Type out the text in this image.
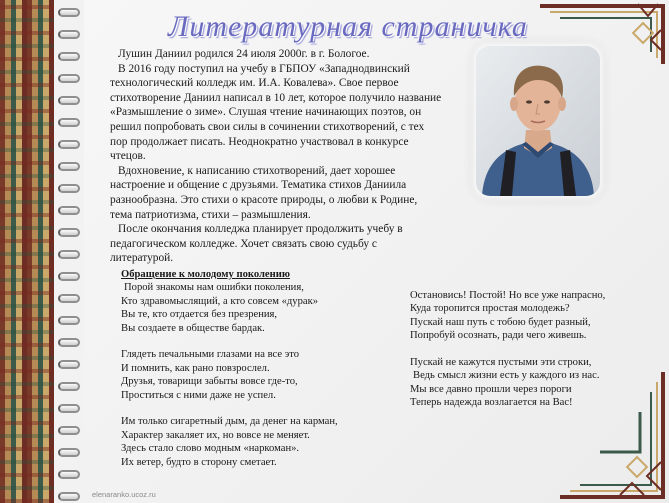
Литературная страничка

Лушин Даниил родился 24 июля 2000г. в г. Бологое.

В 2016 году поступил на учебу в ГБПОУ «Западнодвинский технологический колледж им. И.А. Ковалева». Свое первое стихотворение Даниил написал в 10 лет, которое получило название «Размышление о зиме». Слушая чтение начинающих поэтов, он решил попробовать свои силы в сочинении стихотворений, с тех пор продолжает писать. Неоднократно участвовал в конкурсе чтецов.

Вдохновение, к написанию стихотворений, дает хорошее настроение и общение с друзьями. Тематика стихов Даниила разнообразна. Это стихи о красоте природы, о любви к Родине, тема патриотизма, стихи – размышления.

После окончания колледжа планирует продолжить учебу в педагогическом колледже. Хочет связать свою судьбу с литературой.

Обращение к молодому поколению
Порой знакомы нам ошибки поколения,
Кто здравомыслящий, а кто совсем «дурак»
Вы те, кто отдается без презрения,
Вы создаете в обществе бардак.
Глядеть печальными глазами на все это
И помнить, как рано повзрослел.
Друзья, товарищи забыты вовсе где-то,
Проститься с ними даже не успел.
Им только сигаретный дым, да денег на карман,
Характер закаляет их, но вовсе не меняет.
Здесь стало слово модным «наркоман».
Их ветер, будто в сторону сметает.
Остановись! Постой! Но все уже напрасно,
Куда торопится простая молодежь?
Пускай наш путь с тобою будет разный,
Попробуй осознать, ради чего живешь.
Пускай не кажутся пустыми эти строки,
Ведь смысл жизни есть у каждого из нас.
Мы все давно прошли через пороги
Теперь надежда возлагается на Вас!
elenaranko.ucoz.ru
